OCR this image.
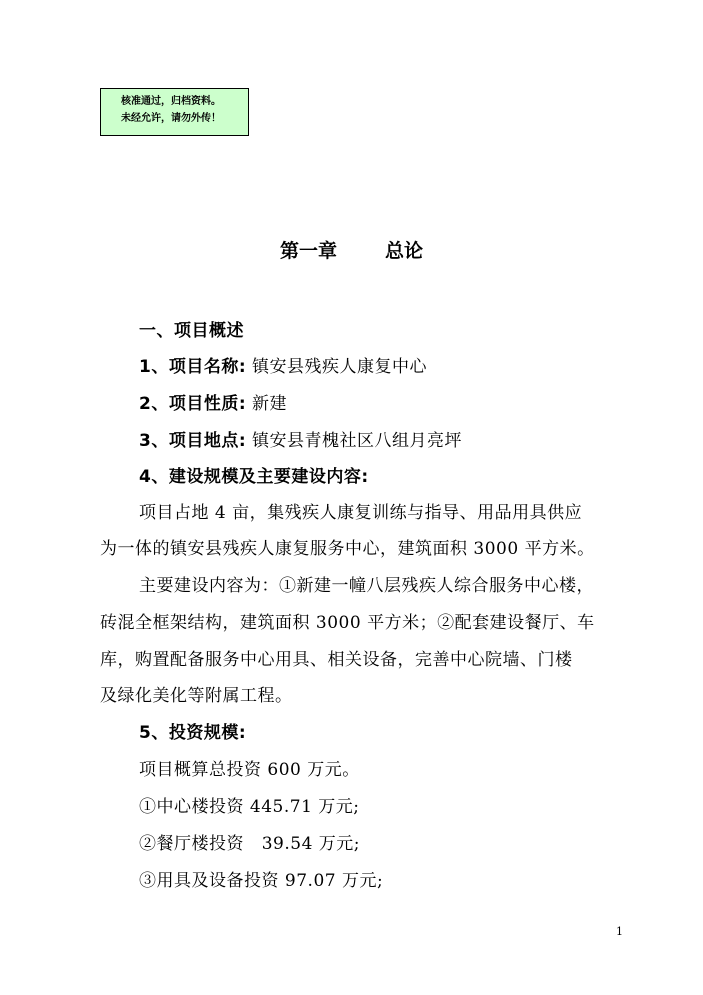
核准通过，归档资料。
未经允许，请勿外传！
第一章	总论
一、项目概述
1、项目名称: 镇安县残疾人康复中心
2、项目性质: 新建
3、项目地点: 镇安县青槐社区八组月亮坪
4、建设规模及主要建设内容:
项目占地 4 亩，集残疾人康复训练与指导、用品用具供应
为一体的镇安县残疾人康复服务中心，建筑面积 3000 平方米。
主要建设内容为：①新建一幢八层残疾人综合服务中心楼，
砖混全框架结构，建筑面积 3000 平方米；②配套建设餐厅、车
库，购置配备服务中心用具、相关设备，完善中心院墙、门楼
及绿化美化等附属工程。
5、投资规模:
项目概算总投资 600 万元。
①中心楼投资 445.71 万元;
②餐厅楼投资   39.54 万元;
③用具及设备投资 97.07 万元;
1
